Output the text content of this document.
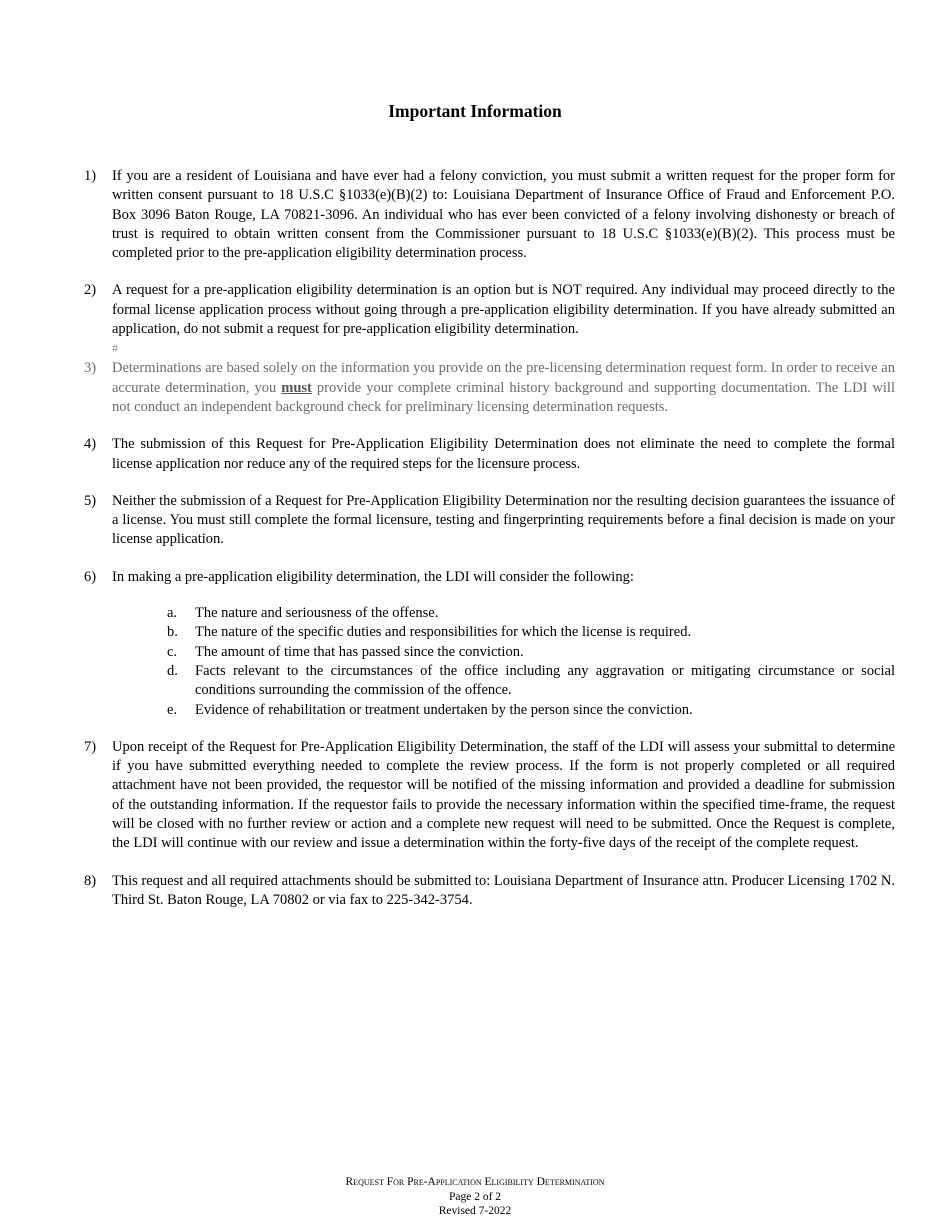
Important Information
1) If you are a resident of Louisiana and have ever had a felony conviction, you must submit a written request for the proper form for written consent pursuant to 18 U.S.C §1033(e)(B)(2) to: Louisiana Department of Insurance Office of Fraud and Enforcement P.O. Box 3096 Baton Rouge, LA 70821-3096. An individual who has ever been convicted of a felony involving dishonesty or breach of trust is required to obtain written consent from the Commissioner pursuant to 18 U.S.C §1033(e)(B)(2). This process must be completed prior to the pre-application eligibility determination process.
2) A request for a pre-application eligibility determination is an option but is NOT required. Any individual may proceed directly to the formal license application process without going through a pre-application eligibility determination. If you have already submitted an application, do not submit a request for pre-application eligibility determination.
#
3) Determinations are based solely on the information you provide on the pre-licensing determination request form. In order to receive an accurate determination, you must provide your complete criminal history background and supporting documentation. The LDI will not conduct an independent background check for preliminary licensing determination requests.
4) The submission of this Request for Pre-Application Eligibility Determination does not eliminate the need to complete the formal license application nor reduce any of the required steps for the licensure process.
5) Neither the submission of a Request for Pre-Application Eligibility Determination nor the resulting decision guarantees the issuance of a license. You must still complete the formal licensure, testing and fingerprinting requirements before a final decision is made on your license application.
6) In making a pre-application eligibility determination, the LDI will consider the following:
a. The nature and seriousness of the offense.
b. The nature of the specific duties and responsibilities for which the license is required.
c. The amount of time that has passed since the conviction.
d. Facts relevant to the circumstances of the office including any aggravation or mitigating circumstance or social conditions surrounding the commission of the offence.
e. Evidence of rehabilitation or treatment undertaken by the person since the conviction.
7) Upon receipt of the Request for Pre-Application Eligibility Determination, the staff of the LDI will assess your submittal to determine if you have submitted everything needed to complete the review process. If the form is not properly completed or all required attachment have not been provided, the requestor will be notified of the missing information and provided a deadline for submission of the outstanding information. If the requestor fails to provide the necessary information within the specified time-frame, the request will be closed with no further review or action and a complete new request will need to be submitted. Once the Request is complete, the LDI will continue with our review and issue a determination within the forty-five days of the receipt of the complete request.
8) This request and all required attachments should be submitted to: Louisiana Department of Insurance attn. Producer Licensing 1702 N. Third St. Baton Rouge, LA 70802 or via fax to 225-342-3754.
Request For Pre-Application Eligibility Determination
Page 2 of 2
Revised 7-2022
